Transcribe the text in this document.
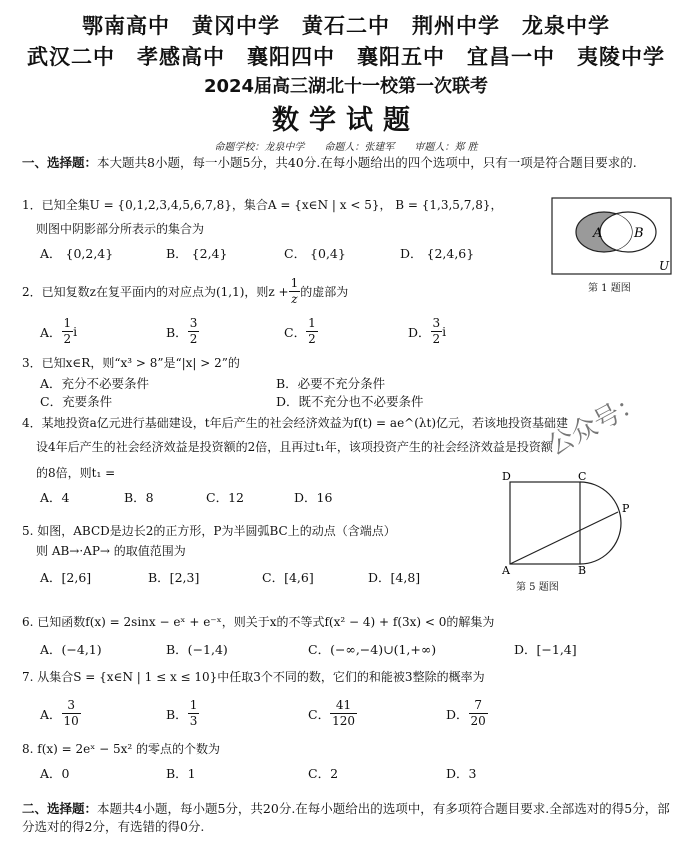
鄂南高中　黄冈中学　黄石二中　荆州中学　龙泉中学
武汉二中　孝感高中　襄阳四中　襄阳五中　宜昌一中　夷陵中学
2024届高三湖北十一校第一次联考
数学试题
命题学校：龙泉中学　　命题人：张建军　　审题人：郑 胜
一、选择题：本大题共8小题，每一小题5分，共40分.在每小题给出的四个选项中，只有一项是符合题目要求的.
1．已知全集U = {0,1,2,3,4,5,6,7,8}，集合A = {x∈N | x < 5}， B = {1,3,5,7,8}，
则图中阴影部分所表示的集合为
A． {0,2,4}	B． {2,4}	C． {0,4}	D． {2,4,6}
A B
U
第 1 题图
2．已知复数z在复平面内的对应点为(1,1)，则$z + \frac{1}{z}$ 的虚部为
A． $\frac{1}{2}$ i	B． $\frac{3}{2}$	C． $\frac{1}{2}$	D． $\frac{3}{2}$ i
3．已知x∈R，则“x³ > 8”是“|x| > 2”的
A．充分不必要条件	B．必要不充分条件
C．充要条件	D．既不充分也不必要条件
4．某地投资a亿元进行基础建设，t年后产生的社会经济效益为f(t) = ae^(λt)亿元，若该地投资基础建
设4年后产生的社会经济效益是投资额的2倍，且再过t₁年，该项投资产生的社会经济效益是投资额
的8倍，则t₁ =
A．4	B．8	C．12	D．16
公众号：
5. 如图，ABCD是边长2的正方形，P为半圆弧BC上的动点（含端点）
则 AB→·AP→ 的取值范围为
A．[2,6]	B．[2,3]	C．[4,6]	D．[4,8]
D	C
P
A	B
第 5 题图
6. 已知函数f(x) = 2sinx − eˣ + e⁻ˣ，则关于x的不等式f(x² − 4) + f(3x) < 0的解集为
A．(−4,1)	B．(−1,4)	C．(−∞,−4)∪(1,+∞)	D．[−1,4]
7. 从集合S = {x∈N | 1 ≤ x ≤ 10}中任取3个不同的数，它们的和能被3整除的概率为
A． $\frac{3}{10}$	B． $\frac{1}{3}$	C． $\frac{41}{120}$	D． $\frac{7}{20}$
8. f(x) = 2eˣ − 5x² 的零点的个数为
A．0	B．1	C．2	D．3
二、选择题：本题共4小题，每小题5分，共20分.在每小题给出的选项中，有多项符合题目要求.全部选对的得5分，部分选对的得2分，有选错的得0分.
